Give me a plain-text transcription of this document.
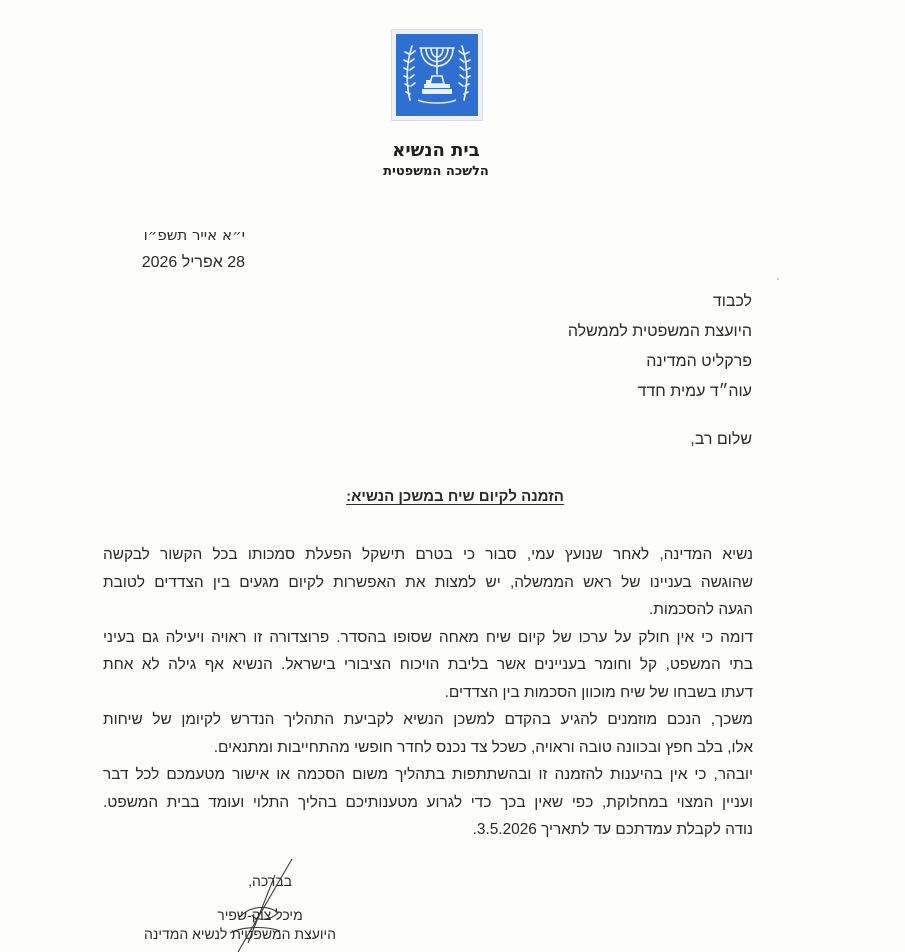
בית הנשיא
הלשכה המשפטית
י״א אייר תשפ״ו
28 אפריל 2026
לכבוד
היועצת המשפטית לממשלה
פרקליט המדינה
עוה״ד עמית חדד
שלום רב,
הזמנה לקיום שיח במשכן הנשיא:
נשיא המדינה, לאחר שנועץ עמי, סבור כי בטרם תישקל הפעלת סמכותו בכל הקשור לבקשה
שהוגשה בעניינו של ראש הממשלה, יש למצות את האפשרות לקיום מגעים בין הצדדים לטובת
הגעה להסכמות.
דומה כי אין חולק על ערכו של קיום שיח מאחה שסופו בהסדר. פרוצדורה זו ראויה ויעילה גם בעיני
בתי המשפט, קל וחומר בעניינים אשר בליבת הויכוח הציבורי בישראל. הנשיא אף גילה לא אחת
דעתו בשבחו של שיח מוכוון הסכמות בין הצדדים.
משכך, הנכם מוזמנים להגיע בהקדם למשכן הנשיא לקביעת התהליך הנדרש לקיומן של שיחות
אלו, בלב חפץ ובכוונה טובה וראויה, כשכל צד נכנס לחדר חופשי מהתחייבות ומתנאים.
יובהר, כי אין בהיענות להזמנה זו ובהשתתפות בתהליך משום הסכמה או אישור מטעמכם לכל דבר
ועניין המצוי במחלוקת, כפי שאין בכך כדי לגרוע מטענותיכם בהליך התלוי ועומד בבית המשפט.
נודה לקבלת עמדתכם עד לתאריך 3.5.2026.
בברכה,
מיכל צוק-שפיר
היועצת המשפטית לנשיא המדינה
